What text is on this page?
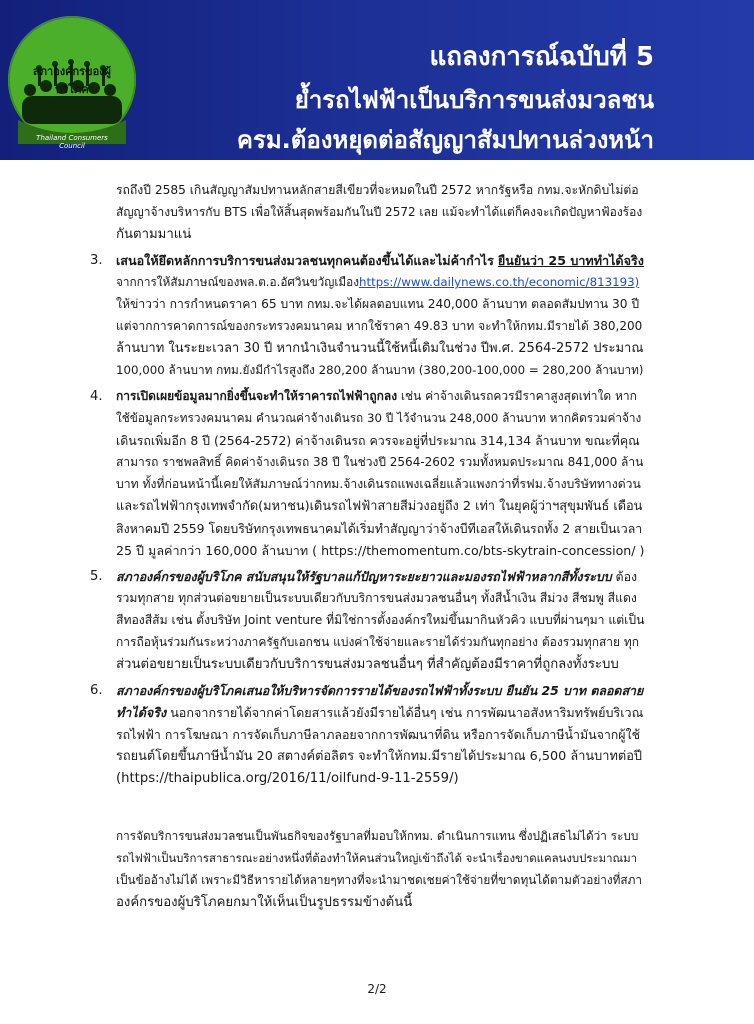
สภาองค์กรของผู้บริโภค
Thailand Consumers Council
แถลงการณ์ฉบับที่ 5
ย้ำรถไฟฟ้าเป็นบริการขนส่งมวลชน
ครม.ต้องหยุดต่อสัญญาสัมปทานล่วงหน้า
รถถึงปี 2585 เกินสัญญาสัมปทานหลักสายสีเขียวที่จะหมดในปี 2572 หากรัฐหรือ กทม.จะหักดิบไม่ต่อ
สัญญาจ้างบริหารกับ BTS เพื่อให้สิ้นสุดพร้อมกันในปี 2572 เลย แม้จะทำได้แต่ก็คงจะเกิดปัญหาฟ้องร้อง
กันตามมาแน่
3.	เสนอให้ยึดหลักการบริการขนส่งมวลชนทุกคนต้องขึ้นได้และไม่ค้ากำไร ยืนยันว่า 25 บาททำได้จริง
จากการให้สัมภาษณ์ของพล.ต.อ.อัศวินขวัญเมืองhttps://www.dailynews.co.th/economic/813193)
ให้ข่าวว่า การกำหนดราคา 65 บาท กทม.จะได้ผลตอบแทน 240,000 ล้านบาท ตลอดสัมปทาน 30 ปี
แต่จากการคาดการณ์ของกระทรวงคมนาคม หากใช้ราคา 49.83 บาท จะทำให้กทม.มีรายได้ 380,200
ล้านบาท ในระยะเวลา 30 ปี หากนำเงินจำนวนนี้ใช้หนี้เดิมในช่วง ปีพ.ศ. 2564-2572 ประมาณ
100,000 ล้านบาท กทม.ยังมีกำไรสูงถึง 280,200 ล้านบาท (380,200-100,000 = 280,200 ล้านบาท)
4.	การเปิดเผยข้อมูลมากยิ่งขึ้นจะทำให้ราคารถไฟฟ้าถูกลง เช่น ค่าจ้างเดินรถควรมีราคาสูงสุดเท่าใด หาก
ใช้ข้อมูลกระทรวงคมนาคม คำนวณค่าจ้างเดินรถ 30 ปี ไว้จำนวน 248,000 ล้านบาท หากคิดรวมค่าจ้าง
เดินรถเพิ่มอีก 8 ปี (2564-2572) ค่าจ้างเดินรถ ควรจะอยู่ที่ประมาณ 314,134 ล้านบาท ขณะที่คุณ
สามารถ ราชพลสิทธิ์ คิดค่าจ้างเดินรถ 38 ปี ในช่วงปี 2564-2602 รวมทั้งหมดประมาณ 841,000 ล้าน
บาท ทั้งที่ก่อนหน้านี้เคยให้สัมภาษณ์ว่ากทม.จ้างเดินรถแพงเฉลี่ยแล้วแพงกว่าที่รฟม.จ้างบริษัททางด่วน
และรถไฟฟ้ากรุงเทพจำกัด(มหาชน)เดินรถไฟฟ้าสายสีม่วงอยู่ถึง 2 เท่า ในยุคผู้ว่าฯสุขุมพันธ์ เดือน
สิงหาคมปี 2559 โดยบริษัทกรุงเทพธนาคมได้เริ่มทำสัญญาว่าจ้างบีทีเอสให้เดินรถทั้ง 2 สายเป็นเวลา
25 ปี มูลค่ากว่า 160,000 ล้านบาท ( https://themomentum.co/bts-skytrain-concession/ )
5.	สภาองค์กรของผู้บริโภค สนับสนุนให้รัฐบาลแก้ปัญหาระยะยาวและมองรถไฟฟ้าหลากสีทั้งระบบ ต้อง
รวมทุกสาย ทุกส่วนต่อขยายเป็นระบบเดียวกับบริการขนส่งมวลชนอื่นๆ ทั้งสีน้ำเงิน สีม่วง สีชมพู สีแดง
สีทองสีส้ม เช่น ตั้งบริษัท Joint venture ที่มิใช่การตั้งองค์กรใหม่ขึ้นมากินหัวคิว แบบที่ผ่านๆมา แต่เป็น
การถือหุ้นร่วมกันระหว่างภาครัฐกับเอกชน แบ่งค่าใช้จ่ายและรายได้ร่วมกันทุกอย่าง ต้องรวมทุกสาย ทุก
ส่วนต่อขยายเป็นระบบเดียวกับบริการขนส่งมวลชนอื่นๆ ที่สำคัญต้องมีราคาที่ถูกลงทั้งระบบ
6.	สภาองค์กรของผู้บริโภคเสนอให้บริหารจัดการรายได้ของรถไฟฟ้าทั้งระบบ ยืนยัน 25 บาท ตลอดสาย
ทำได้จริง นอกจากรายได้จากค่าโดยสารแล้วยังมีรายได้อื่นๆ เช่น การพัฒนาอสังหาริมทรัพย์บริเวณ
รถไฟฟ้า การโฆษณา การจัดเก็บภาษีลาภลอยจากการพัฒนาที่ดิน หรือการจัดเก็บภาษีน้ำมันจากผู้ใช้
รถยนต์โดยขึ้นภาษีน้ำมัน 20 สตางค์ต่อลิตร จะทำให้กทม.มีรายได้ประมาณ 6,500 ล้านบาทต่อปี
(https://thaipublica.org/2016/11/oilfund-9-11-2559/)
การจัดบริการขนส่งมวลชนเป็นพันธกิจของรัฐบาลที่มอบให้กทม. ดำเนินการแทน ซึ่งปฏิเสธไม่ได้ว่า ระบบ
รถไฟฟ้าเป็นบริการสาธารณะอย่างหนึ่งที่ต้องทำให้คนส่วนใหญ่เข้าถึงได้ จะนำเรื่องขาดแคลนงบประมาณมา
เป็นข้ออ้างไม่ได้ เพราะมีวิธีหารายได้หลายๆทางที่จะนำมาชดเชยค่าใช้จ่ายที่ขาดทุนได้ตามตัวอย่างที่สภา
องค์กรของผู้บริโภคยกมาให้เห็นเป็นรูปธรรมข้างต้นนี้
2/2
